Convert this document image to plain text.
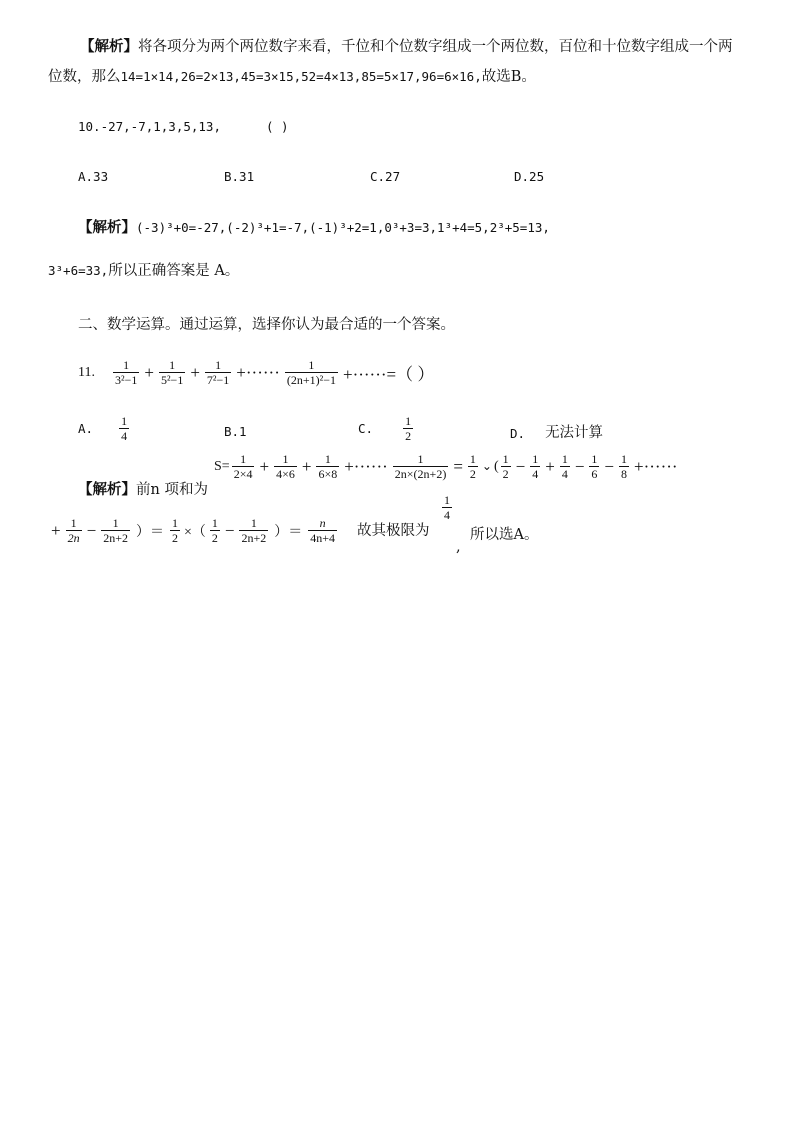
【解析】将各项分为两个两位数字来看，千位和个位数字组成一个两位数，百位和十位数字组成一个两
位数，那么14=1×14,26=2×13,45=3×15,52=4×13,85=5×17,96=6×16,故选B。
10.-27,-7,1,3,5,13,	( )
A.33	B.31	C.27	D.25
【解析】(-3)³+0=-27,(-2)³+1=-7,(-1)³+2=1,0³+3=3,1³+4=5,2³+5=13,
3³+6=33,所以正确答案是 A。
二、数学运算。通过运算，选择你认为最合适的一个答案。
11. $\frac{1}{\text{3²−1}} + \frac{1}{\text{5²−1}} + \frac{1}{\text{7²−1}}$ +······ $\frac{1}{\text{(2n+1)²−1}}$ +······=（ ）
A. $\frac{1}{4}$	B.1	C.	$\frac{1}{2}$	D. 无法计算
$S= \frac{1}{2\times 4} + \frac{1}{4\times 6} + \frac{1}{6\times 8}$ +······ $\frac{1}{2n\times(2n+2)} = \frac{1}{2}$ ⌄ ( $\frac{1}{2} - \frac{1}{4} + \frac{1}{4} - \frac{1}{6} - \frac{1}{8}$ +······
【解析】前n 项和为
+ $\frac{1}{2n} - \frac{1}{2n+2}$ ）＝ $\frac{1}{2}$ ×（ $\frac{1}{2} - \frac{1}{2n+2}$ ）＝ $\frac{n}{4n+4}$ 故其极限为
$\frac{1}{4}$
,
所以选A。
